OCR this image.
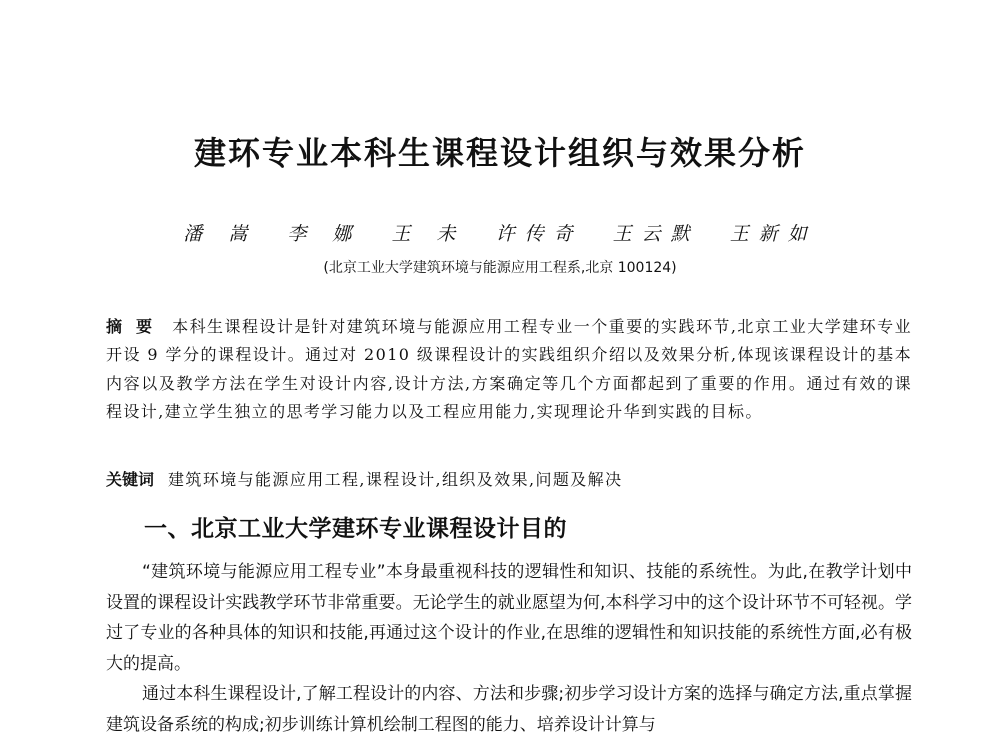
建环专业本科生课程设计组织与效果分析
潘 嵩 李 娜 王 未 许传奇 王云默 王新如
(北京工业大学建筑环境与能源应用工程系,北京 100124)
摘要 本科生课程设计是针对建筑环境与能源应用工程专业一个重要的实践环节,北京工业大学建环专业开设 9 学分的课程设计。通过对 2010 级课程设计的实践组织介绍以及效果分析,体现该课程设计的基本内容以及教学方法在学生对设计内容,设计方法,方案确定等几个方面都起到了重要的作用。通过有效的课程设计,建立学生独立的思考学习能力以及工程应用能力,实现理论升华到实践的目标。
关键词 建筑环境与能源应用工程,课程设计,组织及效果,问题及解决
一、北京工业大学建环专业课程设计目的
“建筑环境与能源应用工程专业”本身最重视科技的逻辑性和知识、技能的系统性。为此,在教学计划中设置的课程设计实践教学环节非常重要。无论学生的就业愿望为何,本科学习中的这个设计环节不可轻视。学过了专业的各种具体的知识和技能,再通过这个设计的作业,在思维的逻辑性和知识技能的系统性方面,必有极大的提高。
通过本科生课程设计,了解工程设计的内容、方法和步骤;初步学习设计方案的选择与确定方法,重点掌握建筑设备系统的构成;初步训练计算机绘制工程图的能力、培养设计计算与
